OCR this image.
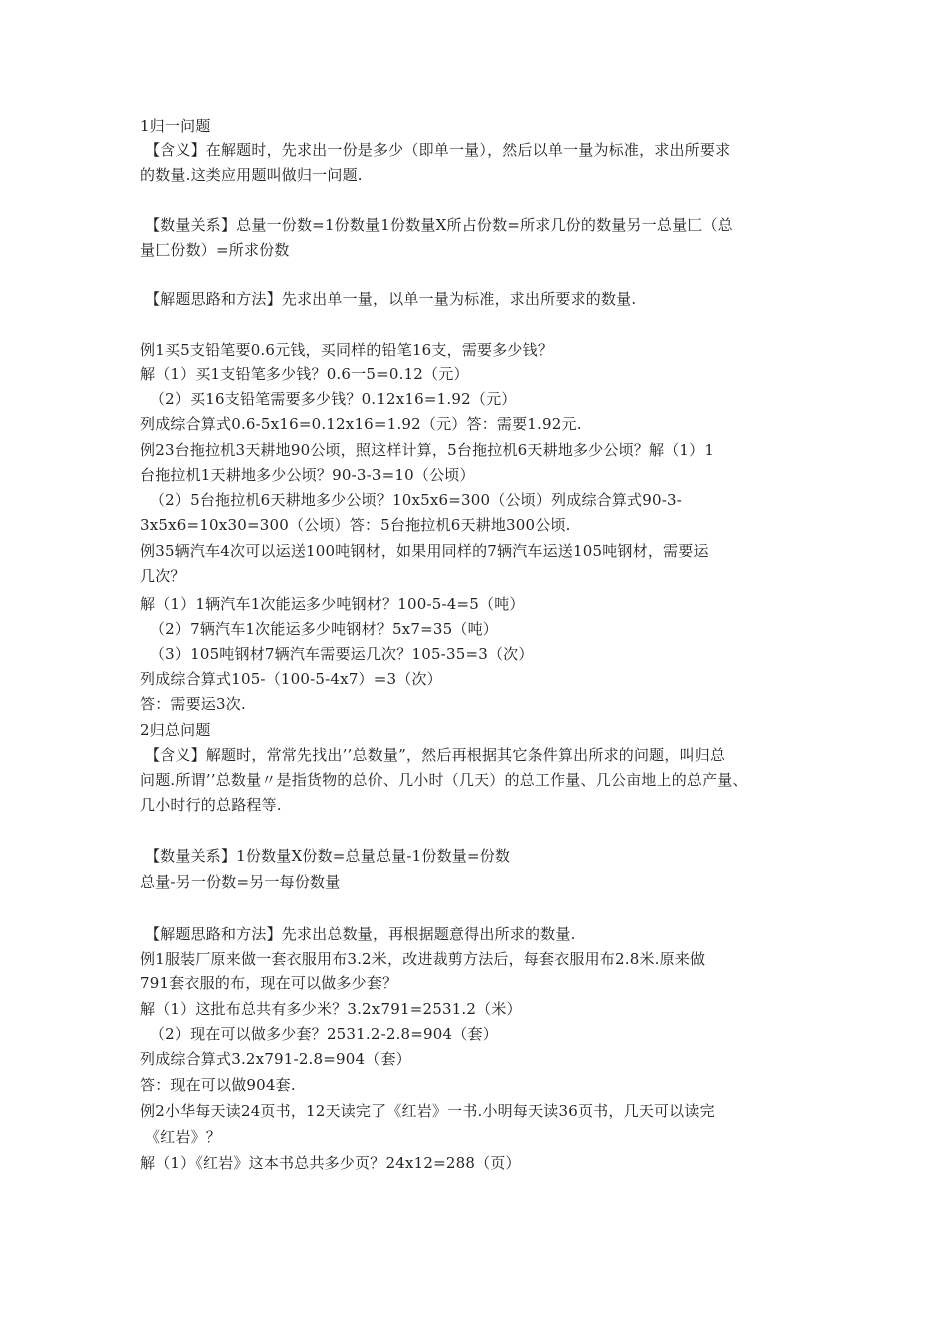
1归一问题
【含义】在解题时，先求出一份是多少（即单一量），然后以单一量为标准，求出所要求
的数量.这类应用题叫做归一问题.
【数量关系】总量一份数=1份数量1份数量X所占份数=所求几份的数量另一总量匚（总
量匚份数）=所求份数
【解题思路和方法】先求出单一量，以单一量为标准，求出所要求的数量.
例1买5支铅笔要0.6元钱，买同样的铅笔16支，需要多少钱？
解（1）买1支铅笔多少钱？0.6一5=0.12（元）
（2）买16支铅笔需要多少钱？0.12x16=1.92（元）
列成综合算式0.6-5x16=0.12x16=1.92（元）答：需要1.92元.
例23台拖拉机3天耕地90公顷，照这样计算，5台拖拉机6天耕地多少公顷？解（1）1
台拖拉机1天耕地多少公顷？90-3-3=10（公顷）
（2）5台拖拉机6天耕地多少公顷？10x5x6=300（公顷）列成综合算式90-3-
3x5x6=10x30=300（公顷）答：5台拖拉机6天耕地300公顷.
例35辆汽车4次可以运送100吨钢材，如果用同样的7辆汽车运送105吨钢材，需要运
几次？
解（1）1辆汽车1次能运多少吨钢材？100-5-4=5（吨）
（2）7辆汽车1次能运多少吨钢材？5x7=35（吨）
（3）105吨钢材7辆汽车需要运几次？105-35=3（次）
列成综合算式105-（100-5-4x7）=3（次）
答：需要运3次.
2归总问题
【含义】解题时，常常先找出’’总数量”，然后再根据其它条件算出所求的问题，叫归总
问题.所谓’’总数量〃是指货物的总价、几小时（几天）的总工作量、几公亩地上的总产量、
几小时行的总路程等.
【数量关系】1份数量X份数=总量总量-1份数量=份数
总量-另一份数=另一每份数量
【解题思路和方法】先求出总数量，再根据题意得出所求的数量.
例1服装厂原来做一套衣服用布3.2米，改进裁剪方法后，每套衣服用布2.8米.原来做
791套衣服的布，现在可以做多少套？
解（1）这批布总共有多少米？3.2x791=2531.2（米）
（2）现在可以做多少套？2531.2-2.8=904（套）
列成综合算式3.2x791-2.8=904（套）
答：现在可以做904套.
例2小华每天读24页书，12天读完了《红岩》一书.小明每天读36页书，几天可以读完
《红岩》？
解（1）《红岩》这本书总共多少页？24x12=288（页）
